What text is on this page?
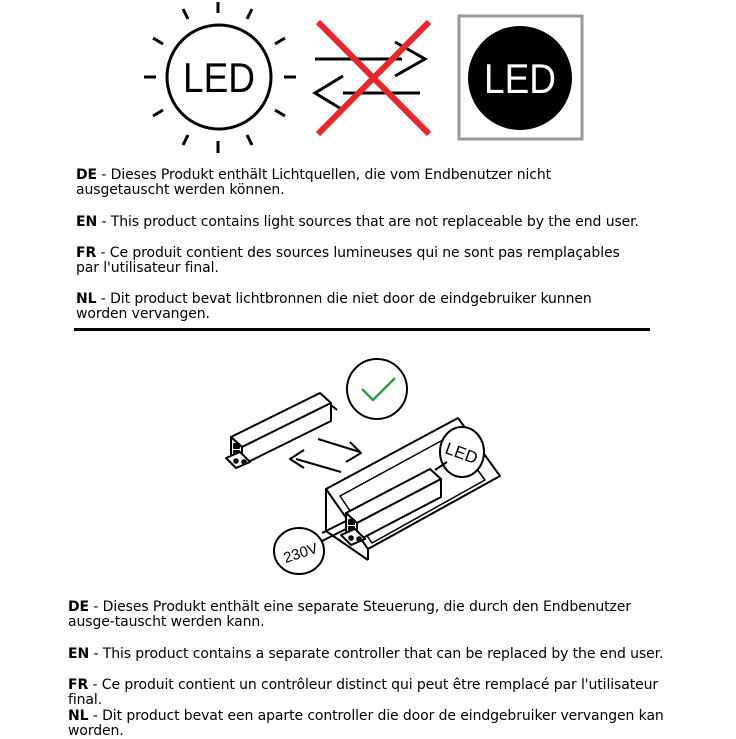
LED	LED

DE - Dieses Produkt enthält Lichtquellen, die vom Endbenutzer nicht ausgetauscht werden können.

EN - This product contains light sources that are not replaceable by the end user.

FR - Ce produit contient des sources lumineuses qui ne sont pas remplaçables par l'utilisateur final.

NL - Dit product bevat lichtbronnen die niet door de eindgebruiker kunnen worden vervangen.

LED
230V

DE - Dieses Produkt enthält eine separate Steuerung, die durch den Endbenutzer ausge-tauscht werden kann.

EN - This product contains a separate controller that can be replaced by the end user.

FR - Ce produit contient un contrôleur distinct qui peut être remplacé par l'utilisateur final.

NL - Dit product bevat een aparte controller die door de eindgebruiker vervangen kan worden.
